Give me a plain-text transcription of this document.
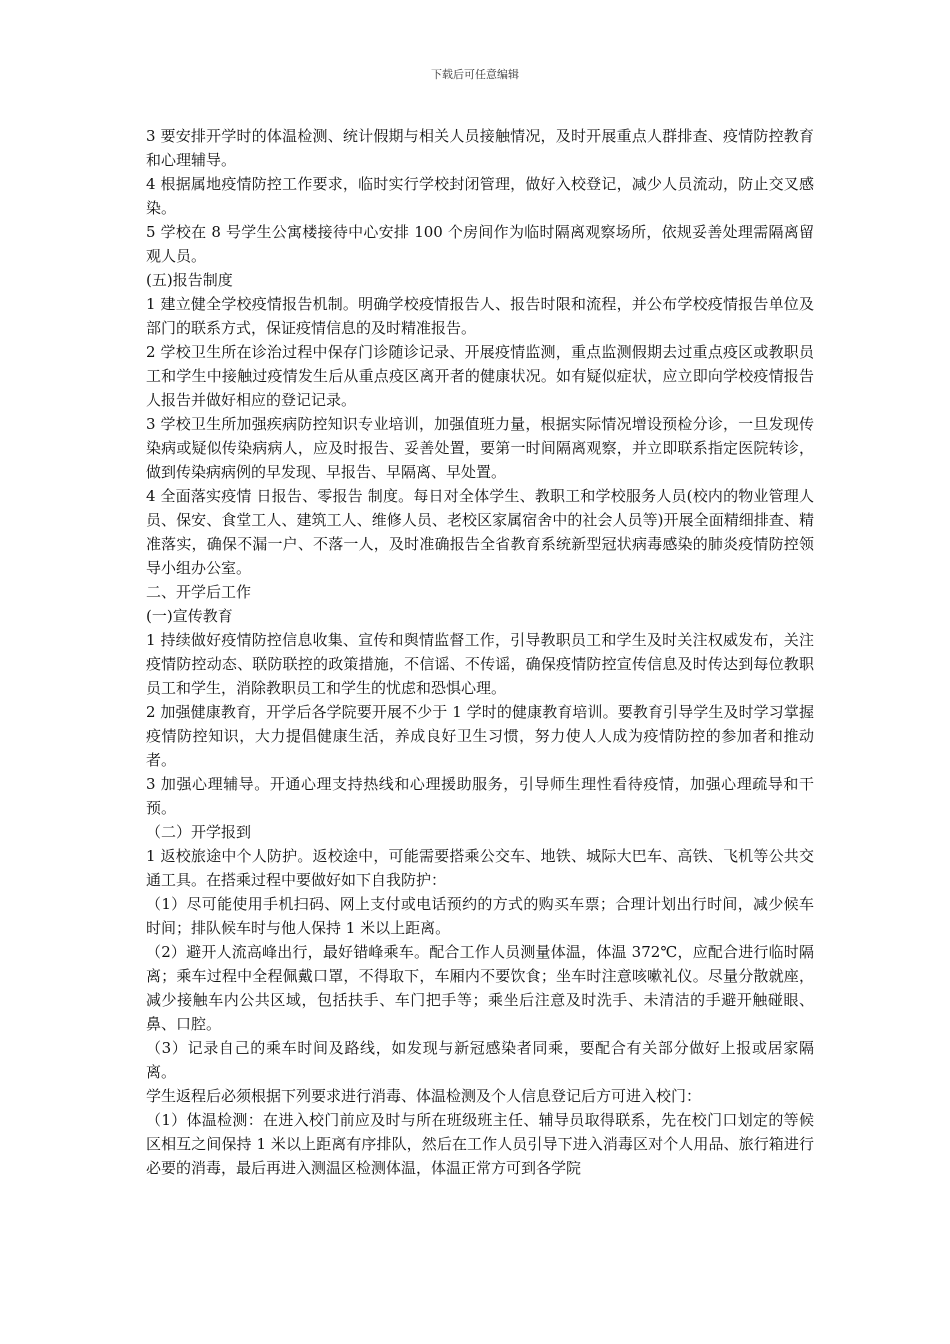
下载后可任意编辑

3 要安排开学时的体温检测、统计假期与相关人员接触情况，及时开展重点人群排查、疫情防控教育和心理辅导。

4 根据属地疫情防控工作要求，临时实行学校封闭管理，做好入校登记，减少人员流动，防止交叉感染。

5 学校在 8 号学生公寓楼接待中心安排 100 个房间作为临时隔离观察场所，依规妥善处理需隔离留观人员。

(五)报告制度

1 建立健全学校疫情报告机制。明确学校疫情报告人、报告时限和流程，并公布学校疫情报告单位及部门的联系方式，保证疫情信息的及时精准报告。

2 学校卫生所在诊治过程中保存门诊随诊记录、开展疫情监测，重点监测假期去过重点疫区或教职员工和学生中接触过疫情发生后从重点疫区离开者的健康状况。如有疑似症状，应立即向学校疫情报告人报告并做好相应的登记记录。

3 学校卫生所加强疾病防控知识专业培训，加强值班力量，根据实际情况增设预检分诊，一旦发现传染病或疑似传染病病人，应及时报告、妥善处置，要第一时间隔离观察，并立即联系指定医院转诊，做到传染病病例的早发现、早报告、早隔离、早处置。

4 全面落实疫情 日报告、零报告 制度。每日对全体学生、教职工和学校服务人员(校内的物业管理人员、保安、食堂工人、建筑工人、维修人员、老校区家属宿舍中的社会人员等)开展全面精细排查、精准落实，确保不漏一户、不落一人，及时准确报告全省教育系统新型冠状病毒感染的肺炎疫情防控领导小组办公室。

二、开学后工作

(一)宣传教育

1 持续做好疫情防控信息收集、宣传和舆情监督工作，引导教职员工和学生及时关注权威发布，关注疫情防控动态、联防联控的政策措施，不信谣、不传谣，确保疫情防控宣传信息及时传达到每位教职员工和学生，消除教职员工和学生的忧虑和恐惧心理。

2 加强健康教育，开学后各学院要开展不少于 1 学时的健康教育培训。要教育引导学生及时学习掌握疫情防控知识，大力提倡健康生活，养成良好卫生习惯，努力使人人成为疫情防控的参加者和推动者。

3 加强心理辅导。开通心理支持热线和心理援助服务，引导师生理性看待疫情，加强心理疏导和干预。

（二）开学报到

1 返校旅途中个人防护。返校途中，可能需要搭乘公交车、地铁、城际大巴车、高铁、飞机等公共交通工具。在搭乘过程中要做好如下自我防护：

（1）尽可能使用手机扫码、网上支付或电话预约的方式的购买车票；合理计划出行时间，减少候车时间；排队候车时与他人保持 1 米以上距离。

（2）避开人流高峰出行，最好错峰乘车。配合工作人员测量体温，体温 372℃，应配合进行临时隔离；乘车过程中全程佩戴口罩，不得取下，车厢内不要饮食；坐车时注意咳嗽礼仪。尽量分散就座，减少接触车内公共区域，包括扶手、车门把手等；乘坐后注意及时洗手、未清洁的手避开触碰眼、鼻、口腔。

（3）记录自己的乘车时间及路线，如发现与新冠感染者同乘，要配合有关部分做好上报或居家隔离。

学生返程后必须根据下列要求进行消毒、体温检测及个人信息登记后方可进入校门：

（1）体温检测：在进入校门前应及时与所在班级班主任、辅导员取得联系，先在校门口划定的等候区相互之间保持 1 米以上距离有序排队，然后在工作人员引导下进入消毒区对个人用品、旅行箱进行必要的消毒，最后再进入测温区检测体温，体温正常方可到各学院
